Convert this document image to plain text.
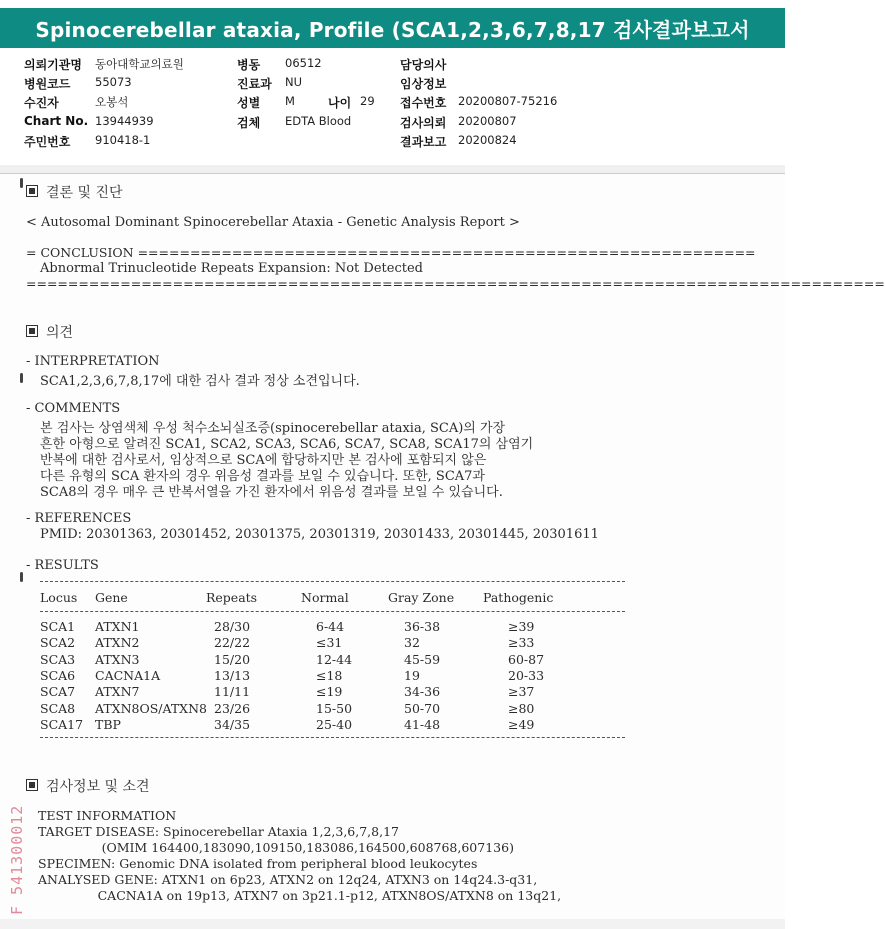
Spinocerebellar ataxia, Profile (SCA1,2,3,6,7,8,17 검사결과보고서
의뢰기관명 동아대학교의료원
병원코드 55073
수진자	오봉석
Chart No. 13944939
주민번호 910418-1
병동 06512
진료과 NU
성별 M	나이 29
검체 EDTA Blood
담당의사
임상정보
접수번호 20200807-75216
검사의뢰 20200807
결과보고 20200824
결론 및 진단
< Autosomal Dominant Spinocerebellar Ataxia - Genetic Analysis Report >
= CONCLUSION ===========================================================
Abnormal Trinucleotide Repeats Expansion: Not Detected
==================================================================================
의견
- INTERPRETATION
SCA1,2,3,6,7,8,17에 대한 검사 결과 정상 소견입니다.
- COMMENTS
본 검사는 상염색체 우성 척수소뇌실조증(spinocerebellar ataxia, SCA)의 가장
흔한 아형으로 알려진 SCA1, SCA2, SCA3, SCA6, SCA7, SCA8, SCA17의 삼염기
반복에 대한 검사로서, 임상적으로 SCA에 합당하지만 본 검사에 포함되지 않은
다른 유형의 SCA 환자의 경우 위음성 결과를 보일 수 있습니다. 또한, SCA7과
SCA8의 경우 매우 큰 반복서열을 가진 환자에서 위음성 결과를 보일 수 있습니다.
- REFERENCES
PMID: 20301363, 20301452, 20301375, 20301319, 20301433, 20301445, 20301611
- RESULTS
Locus Gene	Repeats	Normal	Gray Zone Pathogenic
SCA1 ATXN1	28/30	6-44	36-38	≥39
SCA2 ATXN2	22/22	≤31	32	≥33
SCA3 ATXN3	15/20	12-44	45-59	60-87
SCA6 CACNA1A	13/13	≤18	19	20-33
SCA7 ATXN7	11/11	≤19	34-36	≥37
SCA8 ATXN8OS/ATXN8 23/26	15-50	50-70	≥80
SCA17 TBP	34/35	25-40	41-48	≥49
검사정보 및 소견
TEST INFORMATION
TARGET DISEASE: Spinocerebellar Ataxia 1,2,3,6,7,8,17
(OMIM 164400,183090,109150,183086,164500,608768,607136)
SPECIMEN: Genomic DNA isolated from peripheral blood leukocytes
ANALYSED GENE: ATXN1 on 6p23, ATXN2 on 12q24, ATXN3 on 14q24.3-q31,
CACNA1A on 19p13, ATXN7 on 3p21.1-p12, ATXN8OS/ATXN8 on 13q21,
F 541300012
